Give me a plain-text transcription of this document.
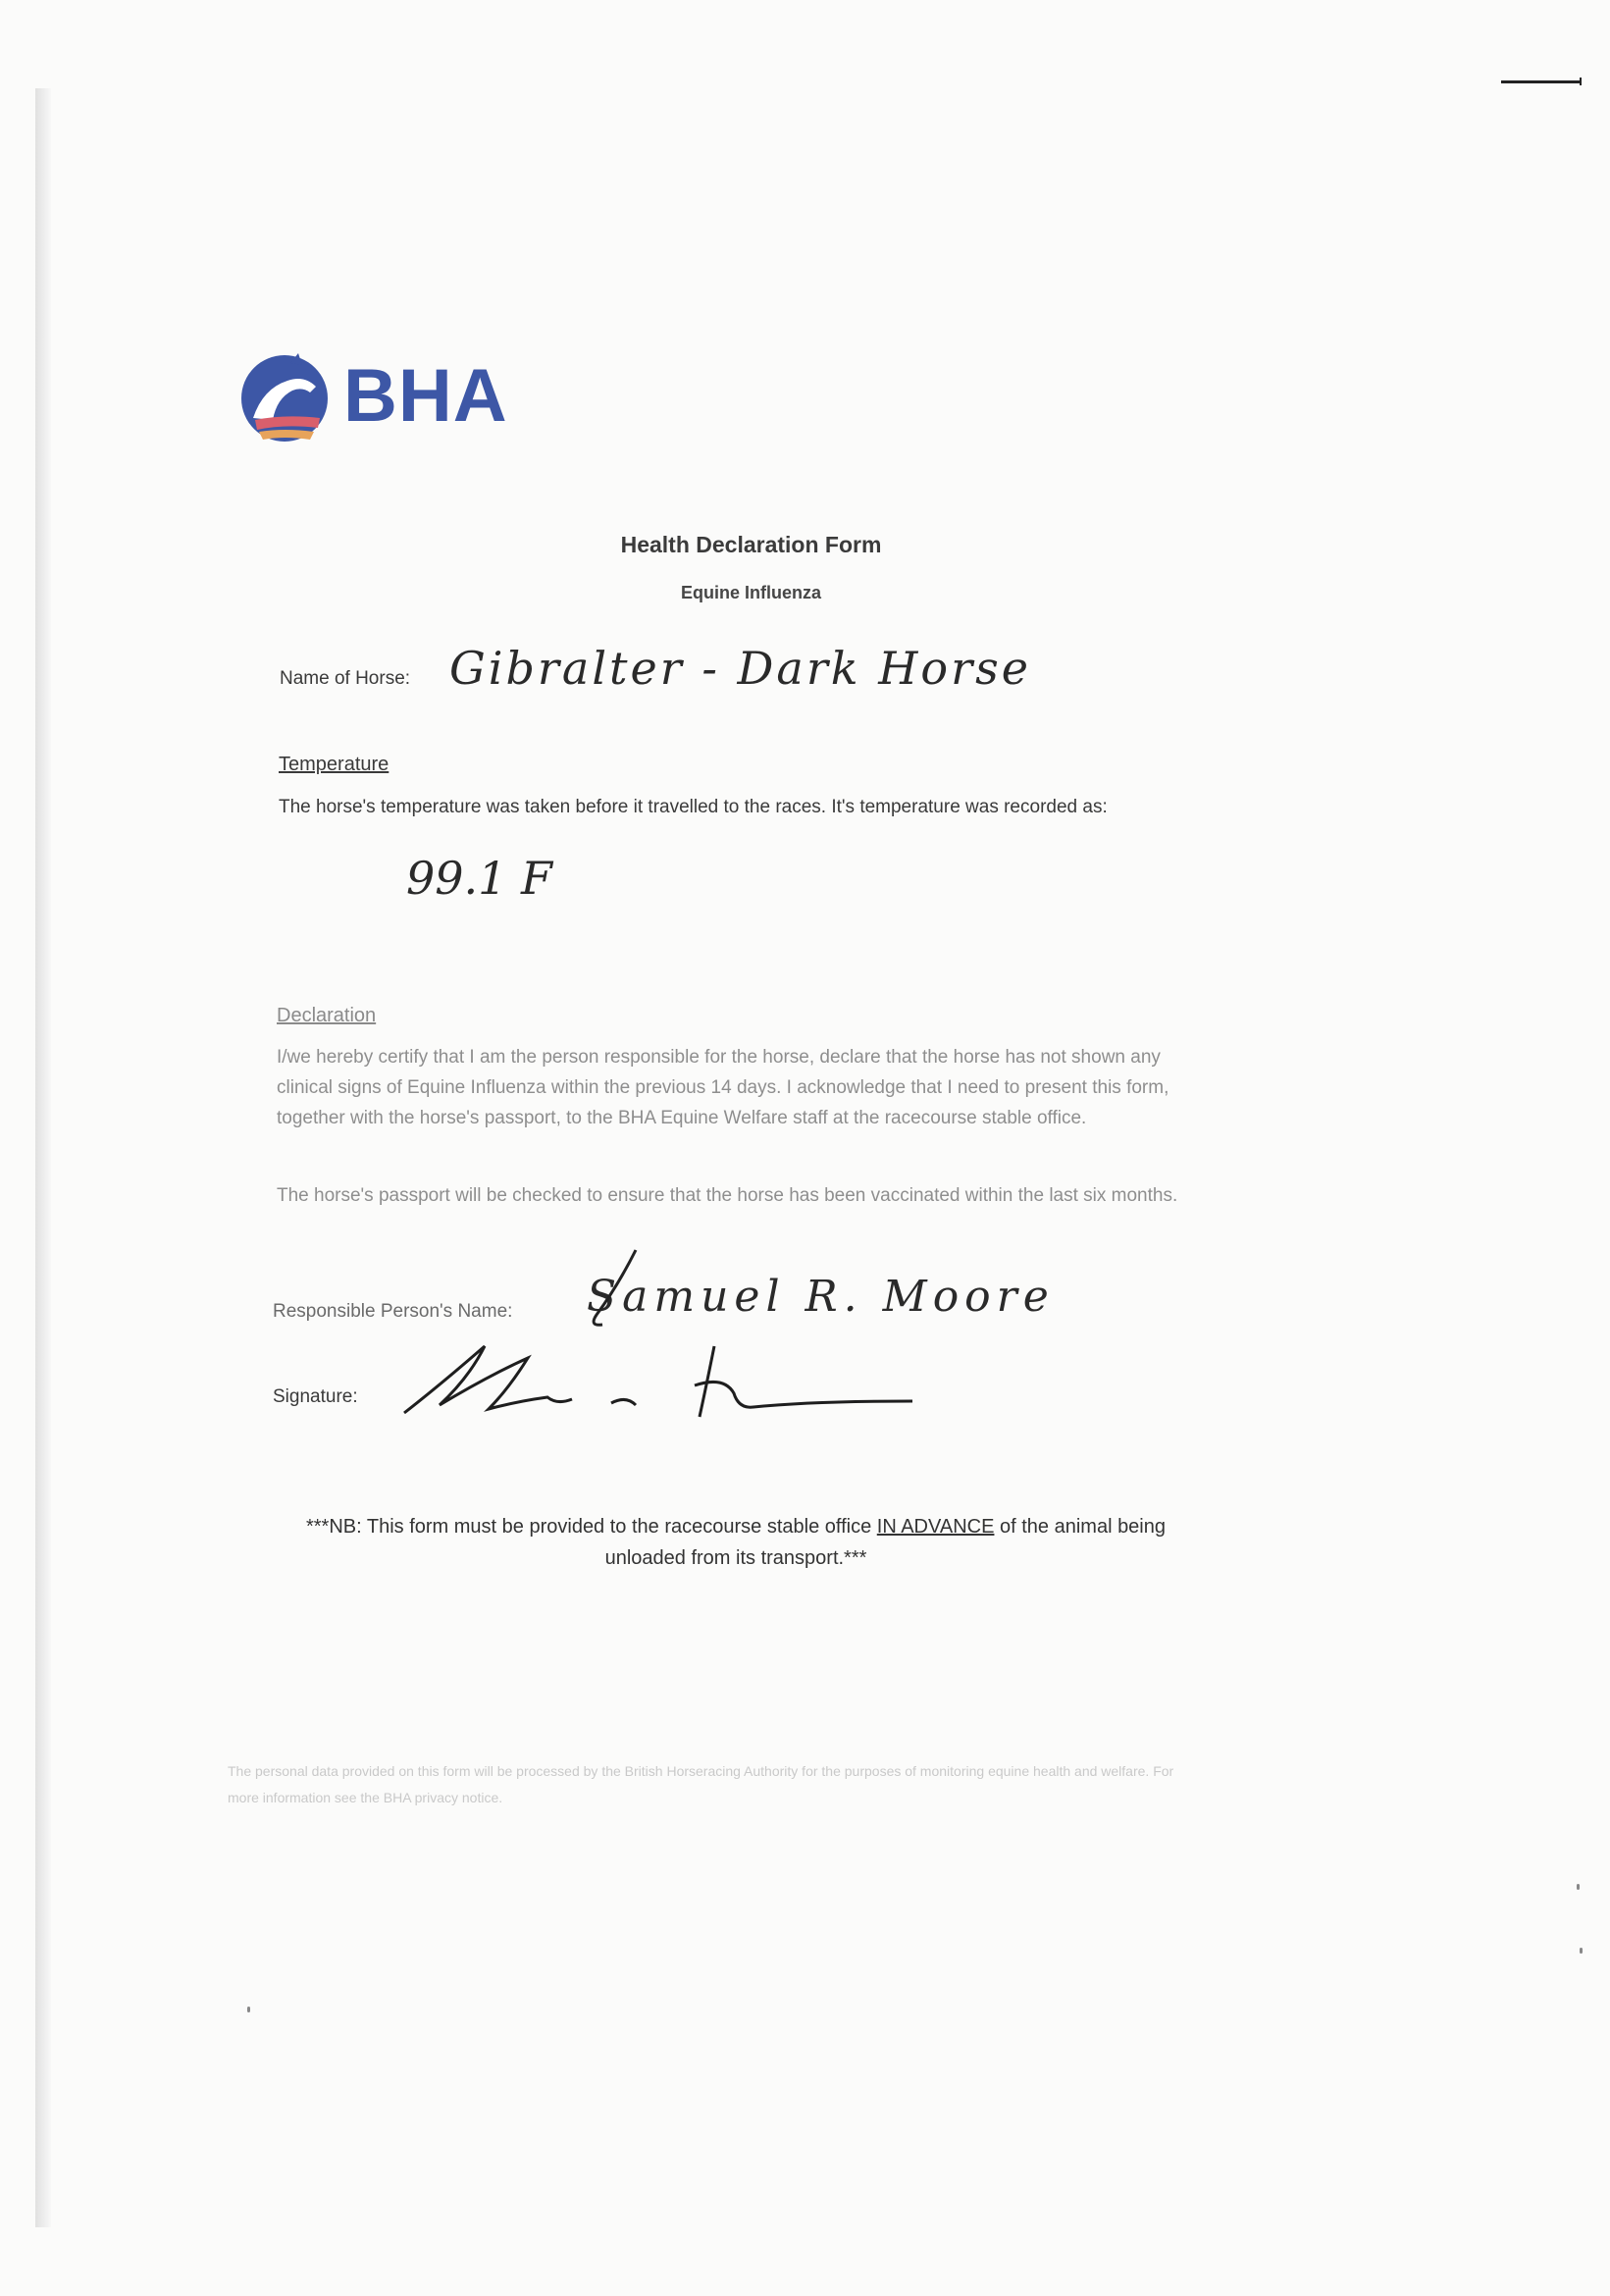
BHA
Health Declaration Form
Equine Influenza
Name of Horse: Gibralter - Dark Horse
Temperature
The horse's temperature was taken before it travelled to the races. It's temperature was recorded as:
99.1 F
Declaration
I/we hereby certify that I am the person responsible for the horse, declare that the horse has not shown any clinical signs of Equine Influenza within the previous 14 days. I acknowledge that I need to present this form, together with the horse's passport, to the BHA Equine Welfare staff at the racecourse stable office.
The horse's passport will be checked to ensure that the horse has been vaccinated within the last six months.
Responsible Person's Name: Samuel R. Moore
Signature:
***NB: This form must be provided to the racecourse stable office IN ADVANCE of the animal being unloaded from its transport.***
The personal data provided on this form will be processed by the British Horseracing Authority for the purposes of monitoring equine health and welfare. For more information see the BHA privacy notice.
